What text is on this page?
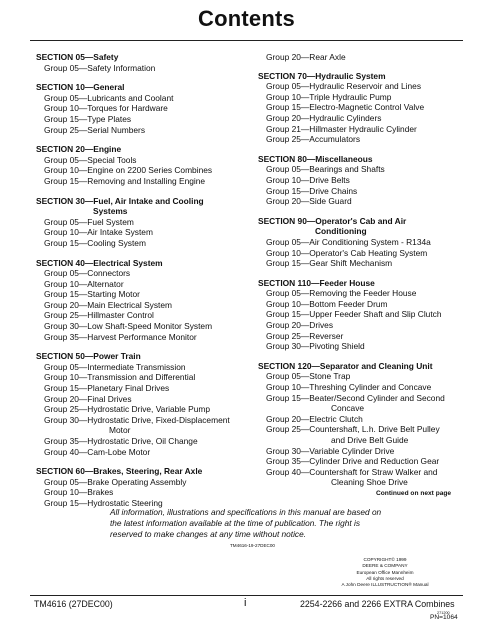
Contents
SECTION 05—Safety
Group 05—Safety Information
SECTION 10—General
Group 05—Lubricants and Coolant
Group 10—Torques for Hardware
Group 15—Type Plates
Group 25—Serial Numbers
SECTION 20—Engine
Group 05—Special Tools
Group 10—Engine on 2200 Series Combines
Group 15—Removing and Installing Engine
SECTION 30—Fuel, Air Intake and Cooling
Systems
Group 05—Fuel System
Group 10—Air Intake System
Group 15—Cooling System
SECTION 40—Electrical System
Group 05—Connectors
Group 10—Alternator
Group 15—Starting Motor
Group 20—Main Electrical System
Group 25—Hillmaster Control
Group 30—Low Shaft-Speed Monitor System
Group 35—Harvest Performance Monitor
SECTION 50—Power Train
Group 05—Intermediate Transmission
Group 10—Transmission and Differential
Group 15—Planetary Final Drives
Group 20—Final Drives
Group 25—Hydrostatic Drive, Variable Pump
Group 30—Hydrostatic Drive, Fixed-Displacement
Motor
Group 35—Hydrostatic Drive, Oil Change
Group 40—Cam-Lobe Motor
SECTION 60—Brakes, Steering, Rear Axle
Group 05—Brake Operating Assembly
Group 10—Brakes
Group 15—Hydrostatic Steering
Group 20—Rear Axle
SECTION 70—Hydraulic System
Group 05—Hydraulic Reservoir and Lines
Group 10—Triple Hydraulic Pump
Group 15—Electro-Magnetic Control Valve
Group 20—Hydraulic Cylinders
Group 21—Hillmaster Hydraulic Cylinder
Group 25—Accumulators
SECTION 80—Miscellaneous
Group 05—Bearings and Shafts
Group 10—Drive Belts
Group 15—Drive Chains
Group 20—Side Guard
SECTION 90—Operator's Cab and Air
Conditioning
Group 05—Air Conditioning System - R134a
Group 10—Operator's Cab Heating System
Group 15—Gear Shift Mechanism
SECTION 110—Feeder House
Group 05—Removing the Feeder House
Group 10—Bottom Feeder Drum
Group 15—Upper Feeder Shaft and Slip Clutch
Group 20—Drives
Group 25—Reverser
Group 30—Pivoting Shield
SECTION 120—Separator and Cleaning Unit
Group 05—Stone Trap
Group 10—Threshing Cylinder and Concave
Group 15—Beater/Second Cylinder and Second
Concave
Group 20—Electric Clutch
Group 25—Countershaft, L.h. Drive Belt Pulley
and Drive Belt Guide
Group 30—Variable Cylinder Drive
Group 35—Cylinder Drive and Reduction Gear
Group 40—Countershaft for Straw Walker and
Cleaning Shoe Drive
Continued on next page
All information, illustrations and specifications in this manual are based on
the latest information available at the time of publication. The right is
reserved to make changes at any time without notice.
TM4616-19-27DEC00
COPYRIGHT© 1999
DEERE & COMPANY
European Office Mannheim
All rights reserved
A John Deere ILLUSTRUCTION® Manual
TM4616 (27DEC00)	i	2254-2266 and 2266 EXTRA Combines
271200
PN=1064
